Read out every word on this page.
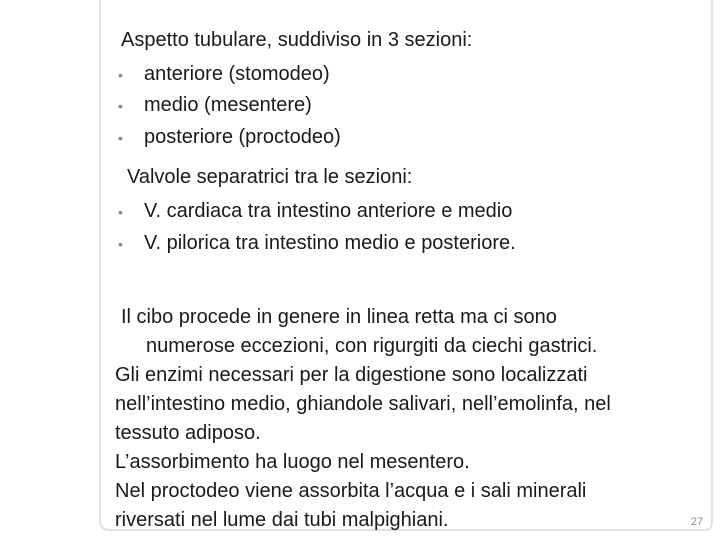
Aspetto tubulare, suddiviso in 3 sezioni:
• anteriore (stomodeo)
• medio (mesentere)
• posteriore (proctodeo)
Valvole separatrici tra le sezioni:
• V. cardiaca tra intestino anteriore e medio
• V. pilorica tra intestino medio e posteriore.
Il cibo procede in genere in linea retta ma ci sono
numerose eccezioni, con rigurgiti da ciechi gastrici.
Gli enzimi necessari per la digestione sono localizzati
nell’intestino medio, ghiandole salivari, nell’emolinfa, nel
tessuto adiposo.
L’assorbimento ha luogo nel mesentero.
Nel proctodeo viene assorbita l’acqua e i sali minerali
riversati nel lume dai tubi malpighiani.	27
